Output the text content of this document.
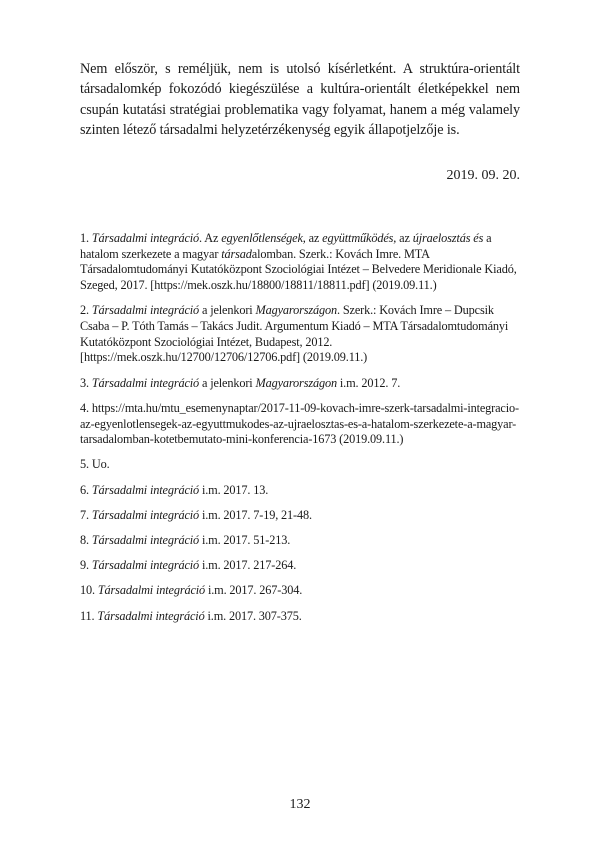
Nem először, s reméljük, nem is utolsó kísérletként. A struktúra-orientált társadalomkép fokozódó kiegészülése a kultúra-orientált életképekkel nem csupán kutatási stratégiai problematika vagy folyamat, hanem a még valamely szinten létező társadalmi helyzetérzékenység egyik állapotjelzője is.

2019. 09. 20.

1. Társadalmi integráció. Az egyenlőtlenségek, az együttműködés, az újraelosztás és a hatalom szerkezete a magyar társadalomban. Szerk.: Kovách Imre. MTA Társadalomtudományi Kutatóközpont Szociológiai Intézet – Belvedere Meridionale Kiadó, Szeged, 2017. [https://mek.oszk.hu/18800/18811/18811.pdf] (2019.09.11.)

2. Társadalmi integráció a jelenkori Magyarországon. Szerk.: Kovách Imre – Dupcsik Csaba – P. Tóth Tamás – Takács Judit. Argumentum Kiadó – MTA Társadalomtudományi Kutatóközpont Szociológiai Intézet, Budapest, 2012. [https://mek.oszk.hu/12700/12706/12706.pdf] (2019.09.11.)

3. Társadalmi integráció a jelenkori Magyarországon i.m. 2012. 7.

4. https://mta.hu/mtu_esemenynaptar/2017-11-09-kovach-imre-szerk-tarsadalmi-integracio-az-egyenlotlensegek-az-egyuttmukodes-az-ujraelosztas-es-a-hatalom-szerkezete-a-magyar-tarsadalomban-kotetbemutato-mini-konferencia-1673 (2019.09.11.)

5. Uo.

6. Társadalmi integráció i.m. 2017. 13.

7. Társadalmi integráció i.m. 2017. 7-19, 21-48.

8. Társadalmi integráció i.m. 2017. 51-213.

9. Társadalmi integráció i.m. 2017. 217-264.

10. Társadalmi integráció i.m. 2017. 267-304.

11. Társadalmi integráció i.m. 2017. 307-375.

132
